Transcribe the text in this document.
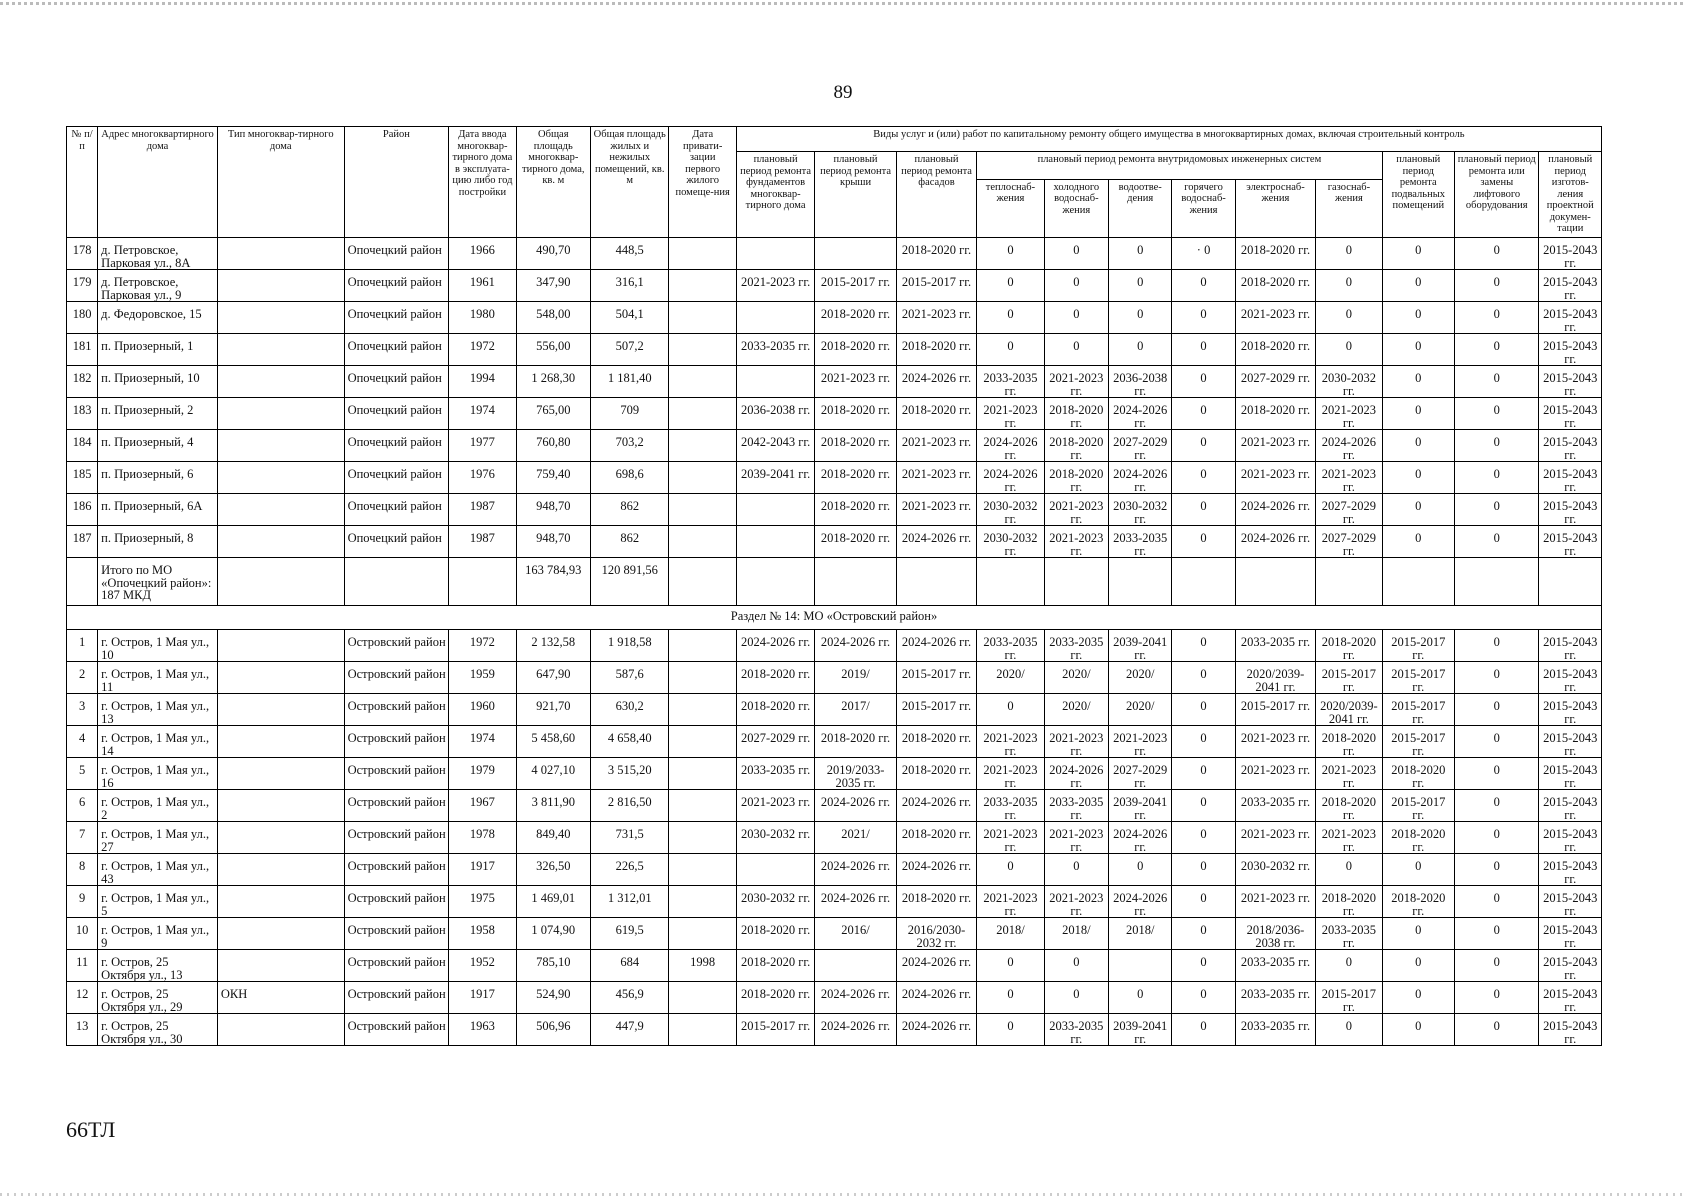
89
№ п/п	Адрес многоквартирного дома	Тип многоквар-тирного дома	Район	Дата ввода многоквар-тирного дома в эксплуата-цию либо год постройки	Общая площадь многоквар-тирного дома, кв. м	Общая площадь жилых и нежилых помещений, кв. м	Дата привати-зации первого жилого помеще-ния	Виды услуг и (или) работ по капитальному ремонту общего имущества в многоквартирных домах, включая строительный контроль											
								плановый период ремонта фундаментов многоквар-тирного дома	плановый период ремонта крыши	плановый период ремонта фасадов	плановый период ремонта внутридомовых инженерных систем						плановый период ремонта подвальных помещений	плановый период ремонта или замены лифтового оборудования	плановый период изготов-ления проектной докумен-тации
											теплоснаб-жения	холодного водоснаб-жения	водоотве-дения	горячего водоснаб-жения	электроснаб-жения	газоснаб-жения			
178	д. Петровское, Парковая ул., 8А		Опочецкий район	1966	490,70	448,5				2018-2020 гг.	0	0	0	· 0	2018-2020 гг.	0	0	0	2015-2043 гг.
179	д. Петровское, Парковая ул., 9		Опочецкий район	1961	347,90	316,1		2021-2023 гг.	2015-2017 гг.	2015-2017 гг.	0	0	0	0	2018-2020 гг.	0	0	0	2015-2043 гг.
180	д. Федоровское, 15		Опочецкий район	1980	548,00	504,1			2018-2020 гг.	2021-2023 гг.	0	0	0	0	2021-2023 гг.	0	0	0	2015-2043 гг.
181	п. Приозерный, 1		Опочецкий район	1972	556,00	507,2		2033-2035 гг.	2018-2020 гг.	2018-2020 гг.	0	0	0	0	2018-2020 гг.	0	0	0	2015-2043 гг.
182	п. Приозерный, 10		Опочецкий район	1994	1 268,30	1 181,40			2021-2023 гг.	2024-2026 гг.	2033-2035 гг.	2021-2023 гг.	2036-2038 гг.	0	2027-2029 гг.	2030-2032 гг.	0	0	2015-2043 гг.
183	п. Приозерный, 2		Опочецкий район	1974	765,00	709		2036-2038 гг.	2018-2020 гг.	2018-2020 гг.	2021-2023 гг.	2018-2020 гг.	2024-2026 гг.	0	2018-2020 гг.	2021-2023 гг.	0	0	2015-2043 гг.
184	п. Приозерный, 4		Опочецкий район	1977	760,80	703,2		2042-2043 гг.	2018-2020 гг.	2021-2023 гг.	2024-2026 гг.	2018-2020 гг.	2027-2029 гг.	0	2021-2023 гг.	2024-2026 гг.	0	0	2015-2043 гг.
185	п. Приозерный, 6		Опочецкий район	1976	759,40	698,6		2039-2041 гг.	2018-2020 гг.	2021-2023 гг.	2024-2026 гг.	2018-2020 гг.	2024-2026 гг.	0	2021-2023 гг.	2021-2023 гг.	0	0	2015-2043 гг.
186	п. Приозерный, 6А		Опочецкий район	1987	948,70	862			2018-2020 гг.	2021-2023 гг.	2030-2032 гг.	2021-2023 гг.	2030-2032 гг.	0	2024-2026 гг.	2027-2029 гг.	0	0	2015-2043 гг.
187	п. Приозерный, 8		Опочецкий район	1987	948,70	862			2018-2020 гг.	2024-2026 гг.	2030-2032 гг.	2021-2023 гг.	2033-2035 гг.	0	2024-2026 гг.	2027-2029 гг.	0	0	2015-2043 гг.
	Итого по МО «Опочецкий район»: 187 МКД				163 784,93	120 891,56													
Раздел № 14: МО «Островский район»																			
1	г. Остров, 1 Мая ул., 10		Островский район	1972	2 132,58	1 918,58		2024-2026 гг.	2024-2026 гг.	2024-2026 гг.	2033-2035 гг.	2033-2035 гг.	2039-2041 гг.	0	2033-2035 гг.	2018-2020 гг.	2015-2017 гг.	0	2015-2043 гг.
2	г. Остров, 1 Мая ул., 11		Островский район	1959	647,90	587,6		2018-2020 гг.	2019/	2015-2017 гг.	2020/	2020/	2020/	0	2020/2039-2041 гг.	2015-2017 гг.	2015-2017 гг.	0	2015-2043 гг.
3	г. Остров, 1 Мая ул., 13		Островский район	1960	921,70	630,2		2018-2020 гг.	2017/	2015-2017 гг.	0	2020/	2020/	0	2015-2017 гг.	2020/2039-2041 гг.	2015-2017 гг.	0	2015-2043 гг.
4	г. Остров, 1 Мая ул., 14		Островский район	1974	5 458,60	4 658,40		2027-2029 гг.	2018-2020 гг.	2018-2020 гг.	2021-2023 гг.	2021-2023 гг.	2021-2023 гг.	0	2021-2023 гг.	2018-2020 гг.	2015-2017 гг.	0	2015-2043 гг.
5	г. Остров, 1 Мая ул., 16		Островский район	1979	4 027,10	3 515,20		2033-2035 гг.	2019/2033-2035 гг.	2018-2020 гг.	2021-2023 гг.	2024-2026 гг.	2027-2029 гг.	0	2021-2023 гг.	2021-2023 гг.	2018-2020 гг.	0	2015-2043 гг.
6	г. Остров, 1 Мая ул., 2		Островский район	1967	3 811,90	2 816,50		2021-2023 гг.	2024-2026 гг.	2024-2026 гг.	2033-2035 гг.	2033-2035 гг.	2039-2041 гг.	0	2033-2035 гг.	2018-2020 гг.	2015-2017 гг.	0	2015-2043 гг.
7	г. Остров, 1 Мая ул., 27		Островский район	1978	849,40	731,5		2030-2032 гг.	2021/	2018-2020 гг.	2021-2023 гг.	2021-2023 гг.	2024-2026 гг.	0	2021-2023 гг.	2021-2023 гг.	2018-2020 гг.	0	2015-2043 гг.
8	г. Остров, 1 Мая ул., 43		Островский район	1917	326,50	226,5			2024-2026 гг.	2024-2026 гг.	0	0	0	0	2030-2032 гг.	0	0	0	2015-2043 гг.
9	г. Остров, 1 Мая ул., 5		Островский район	1975	1 469,01	1 312,01		2030-2032 гг.	2024-2026 гг.	2018-2020 гг.	2021-2023 гг.	2021-2023 гг.	2024-2026 гг.	0	2021-2023 гг.	2018-2020 гг.	2018-2020 гг.	0	2015-2043 гг.
10	г. Остров, 1 Мая ул., 9		Островский район	1958	1 074,90	619,5		2018-2020 гг.	2016/	2016/2030-2032 гг.	2018/	2018/	2018/	0	2018/2036-2038 гг.	2033-2035 гг.	0	0	2015-2043 гг.
11	г. Остров, 25 Октября ул., 13		Островский район	1952	785,10	684	1998	2018-2020 гг.		2024-2026 гг.	0	0		0	2033-2035 гг.	0	0	0	2015-2043 гг.
12	г. Остров, 25 Октября ул., 29	ОКН	Островский район	1917	524,90	456,9		2018-2020 гг.	2024-2026 гг.	2024-2026 гг.	0	0	0	0	2033-2035 гг.	2015-2017 гг.	0	0	2015-2043 гг.
13	г. Остров, 25 Октября ул., 30		Островский район	1963	506,96	447,9		2015-2017 гг.	2024-2026 гг.	2024-2026 гг.	0	2033-2035 гг.	2039-2041 гг.	0	2033-2035 гг.	0	0	0	2015-2043 гг.
66ТЛ
